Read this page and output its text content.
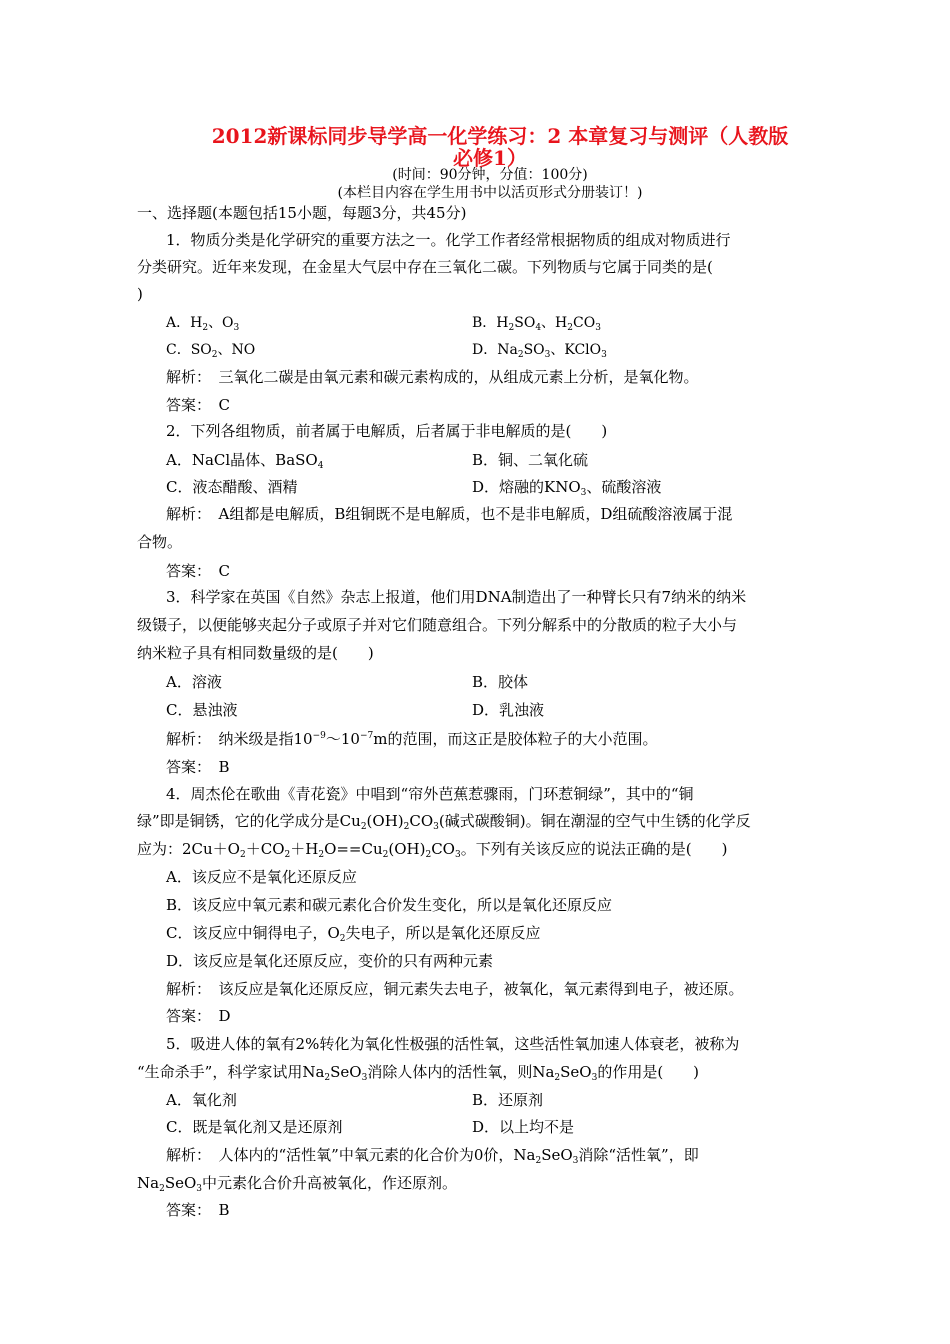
2012新课标同步导学高一化学练习：2 本章复习与测评（人教版
必修1）
(时间：90分钟，分值：100分)
(本栏目内容在学生用书中以活页形式分册装订！)
一、选择题(本题包括15小题，每题3分，共45分)
1．物质分类是化学研究的重要方法之一。化学工作者经常根据物质的组成对物质进行
分类研究。近年来发现，在金星大气层中存在三氧化二碳。下列物质与它属于同类的是(
)
A．$H_2$、$O_3$	B．$H_2SO_4$、$H_2CO_3$
C．$SO_2$、NO	D．$Na_2SO_3$、KClO$_3$
解析：　三氧化二碳是由氧元素和碳元素构成的，从组成元素上分析，是氧化物。
答案：　C
2．下列各组物质，前者属于电解质，后者属于非电解质的是(　　)
A．NaCl晶体、BaSO$_4$	B．铜、二氧化硫
C．液态醋酸、酒精	D．熔融的$KNO_3$、硫酸溶液
解析：　A组都是电解质，B组铜既不是电解质，也不是非电解质，D组硫酸溶液属于混
合物。
答案：　C
3．科学家在英国《自然》杂志上报道，他们用DNA制造出了一种臂长只有7纳米的纳米
级镊子，以便能够夹起分子或原子并对它们随意组合。下列分解系中的分散质的粒子大小与
纳米粒子具有相同数量级的是(　　)
A．溶液	B．胶体
C．悬浊液	D．乳浊液
解析：　纳米级是指$10^{-9}\sim 10^{-7}m$的范围，而这正是胶体粒子的大小范围。
答案：　B
4．周杰伦在歌曲《青花瓷》中唱到“帘外芭蕉惹骤雨，门环惹铜绿”，其中的“铜
绿”即是铜锈，它的化学成分是$Cu_2(OH)_2CO_3$(碱式碳酸铜)。铜在潮湿的空气中生锈的化学反
应为：$2Cu+O_2+CO_2+H_2O==Cu_2(OH)_2CO_3$。下列有关该反应的说法正确的是(　　)
A．该反应不是氧化还原反应
B．该反应中氧元素和碳元素化合价发生变化，所以是氧化还原反应
C．该反应中铜得电子，$O_2$失电子，所以是氧化还原反应
D．该反应是氧化还原反应，变价的只有两种元素
解析：　该反应是氧化还原反应，铜元素失去电子，被氧化，氧元素得到电子，被还原。
答案：　D
5．吸进人体的氧有2%转化为氧化性极强的活性氧，这些活性氧加速人体衰老，被称为
“生命杀手”，科学家试用$Na_2SeO_3$消除人体内的活性氧，则$Na_2SeO_3$的作用是(　　)
A．氧化剂	B．还原剂
C．既是氧化剂又是还原剂	D．以上均不是
解析：　人体内的“活性氧”中氧元素的化合价为0价，$Na_2SeO_3$消除“活性氧”，即
$Na_2SeO_3$中元素化合价升高被氧化，作还原剂。
答案：　B
